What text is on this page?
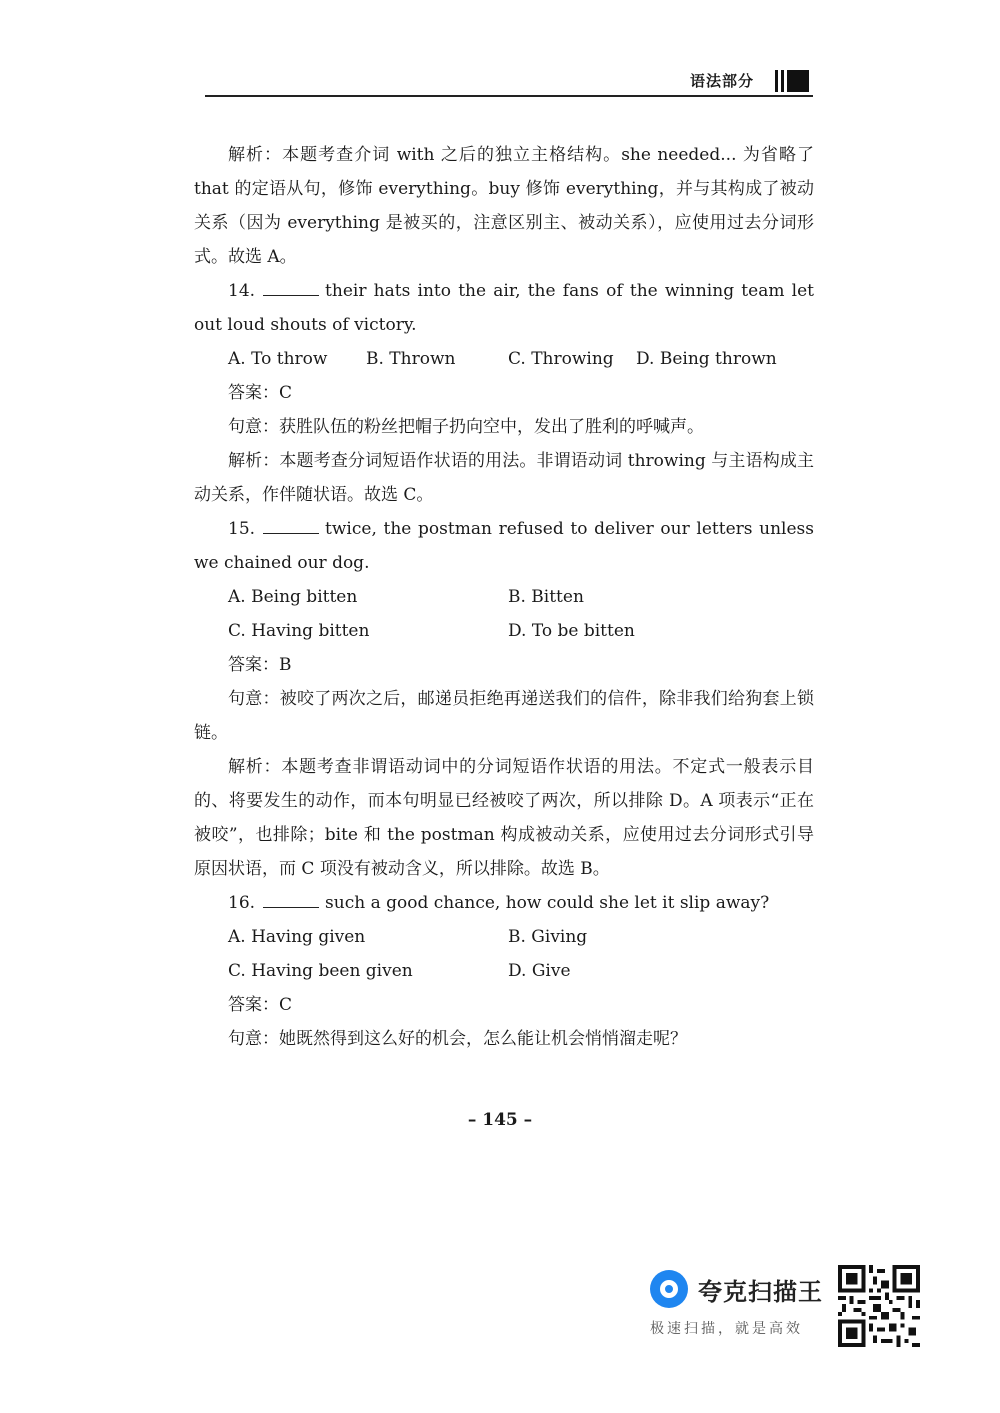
语法部分

解析：本题考查介词 with 之后的独立主格结构。she needed... 为省略了 that 的定语从句，修饰 everything。buy 修饰 everything，并与其构成了被动关系（因为 everything 是被买的，注意区别主、被动关系），应使用过去分词形式。故选 A。

14.	their hats into the air, the fans of the winning team let out loud shouts of victory.

A. To throw	B. Thrown	C. Throwing	D. Being thrown

答案：C

句意：获胜队伍的粉丝把帽子扔向空中，发出了胜利的呼喊声。

解析：本题考查分词短语作状语的用法。非谓语动词 throwing 与主语构成主动关系，作伴随状语。故选 C。

15.	twice, the postman refused to deliver our letters unless we chained our dog.

A. Being bitten	B. Bitten
C. Having bitten	D. To be bitten

答案：B

句意：被咬了两次之后，邮递员拒绝再递送我们的信件，除非我们给狗套上锁链。

解析：本题考查非谓语动词中的分词短语作状语的用法。不定式一般表示目的、将要发生的动作，而本句明显已经被咬了两次，所以排除 D。A 项表示“正在被咬”，也排除；bite 和 the postman 构成被动关系，应使用过去分词形式引导原因状语，而 C 项没有被动含义，所以排除。故选 B。

16.	such a good chance, how could she let it slip away?

A. Having given	B. Giving
C. Having been given	D. Give

答案：C

句意：她既然得到这么好的机会，怎么能让机会悄悄溜走呢？

– 145 –
夸克扫描王
极速扫描，就是高效
